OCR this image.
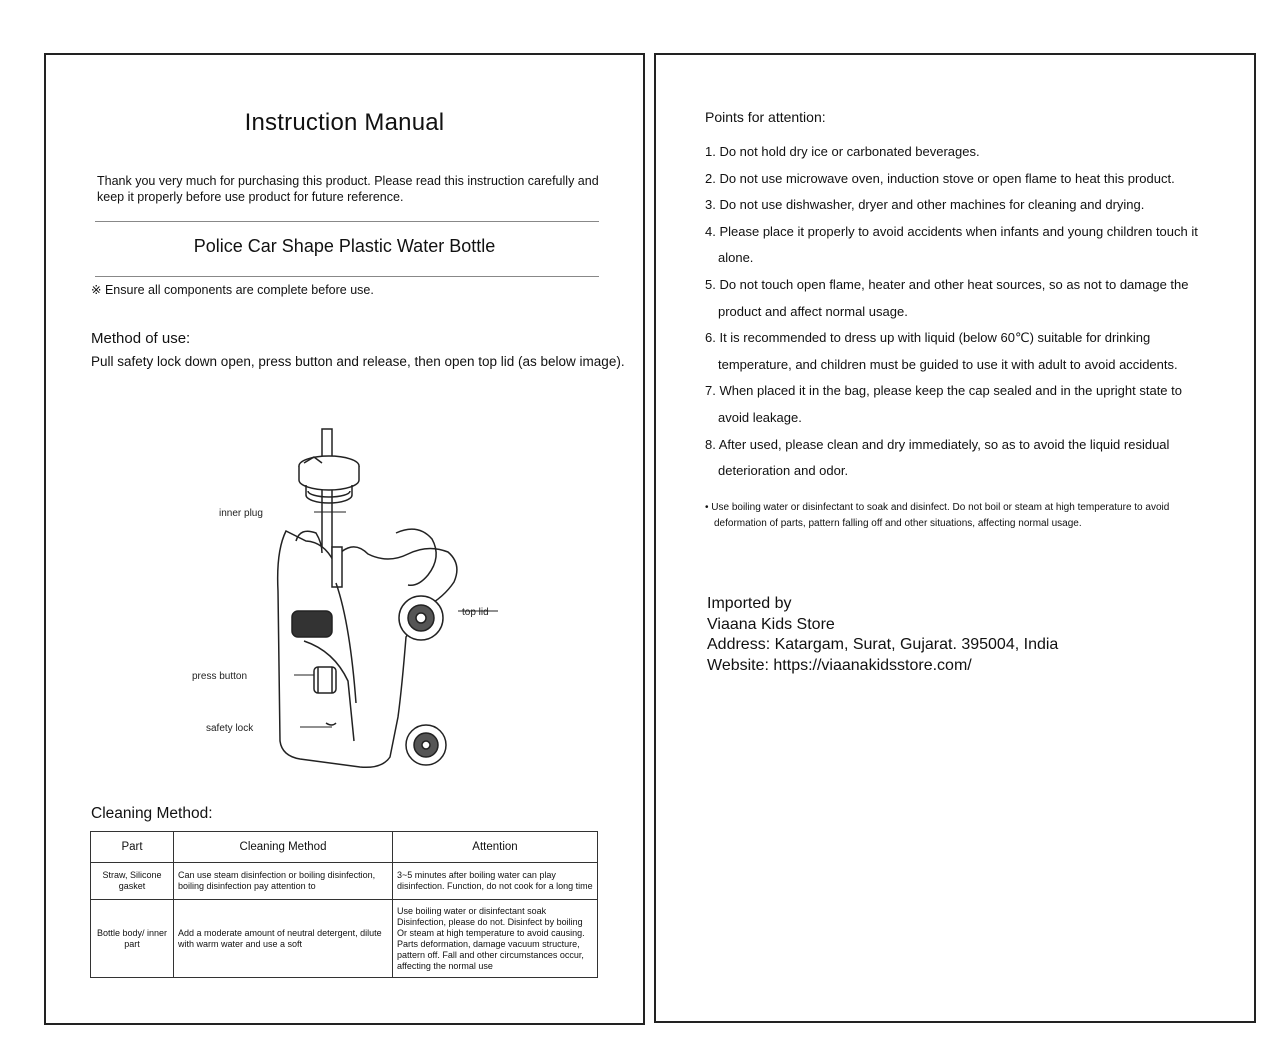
Instruction Manual
Thank you very much for purchasing this product. Please read this instruction carefully and keep it properly before use product for future reference.
Police Car Shape Plastic Water Bottle
※ Ensure all components are complete before use.
Method of use:
Pull safety lock down open, press button and release, then open top lid (as below image).
inner plug
top lid
press button
safety lock
Cleaning Method:
Part	Cleaning Method	Attention
Straw, Silicone gasket	Can use steam disinfection or boiling disinfection, boiling disinfection pay attention to	3~5 minutes after boiling water can play disinfection. Function, do not cook for a long time
Bottle body/ inner part	Add a moderate amount of neutral detergent, dilute with warm water and use a soft	Use boiling water or disinfectant soak Disinfection, please do not. Disinfect by boiling Or steam at high temperature to avoid causing. Parts deformation, damage vacuum structure, pattern off. Fall and other circumstances occur, affecting the normal use
Points for attention:
1. Do not hold dry ice or carbonated beverages.
2. Do not use microwave oven, induction stove or open flame to heat this product.
3. Do not use dishwasher, dryer and other machines for cleaning and drying.
4. Please place it properly to avoid accidents when infants and young children touch it alone.
5. Do not touch open flame, heater and other heat sources, so as not to damage the product and affect normal usage.
6. It is recommended to dress up with liquid (below 60℃) suitable for drinking temperature, and children must be guided to use it with adult to avoid accidents.
7. When placed it in the bag, please keep the cap sealed and in the upright state to avoid leakage.
8. After used, please clean and dry immediately, so as to avoid the liquid residual deterioration and odor.
• Use boiling water or disinfectant to soak and disinfect. Do not boil or steam at high temperature to avoid deformation of parts, pattern falling off and other situations, affecting normal usage.
Imported by
Viaana Kids Store
Address: Katargam, Surat, Gujarat. 395004, India
Website: https://viaanakidsstore.com/
